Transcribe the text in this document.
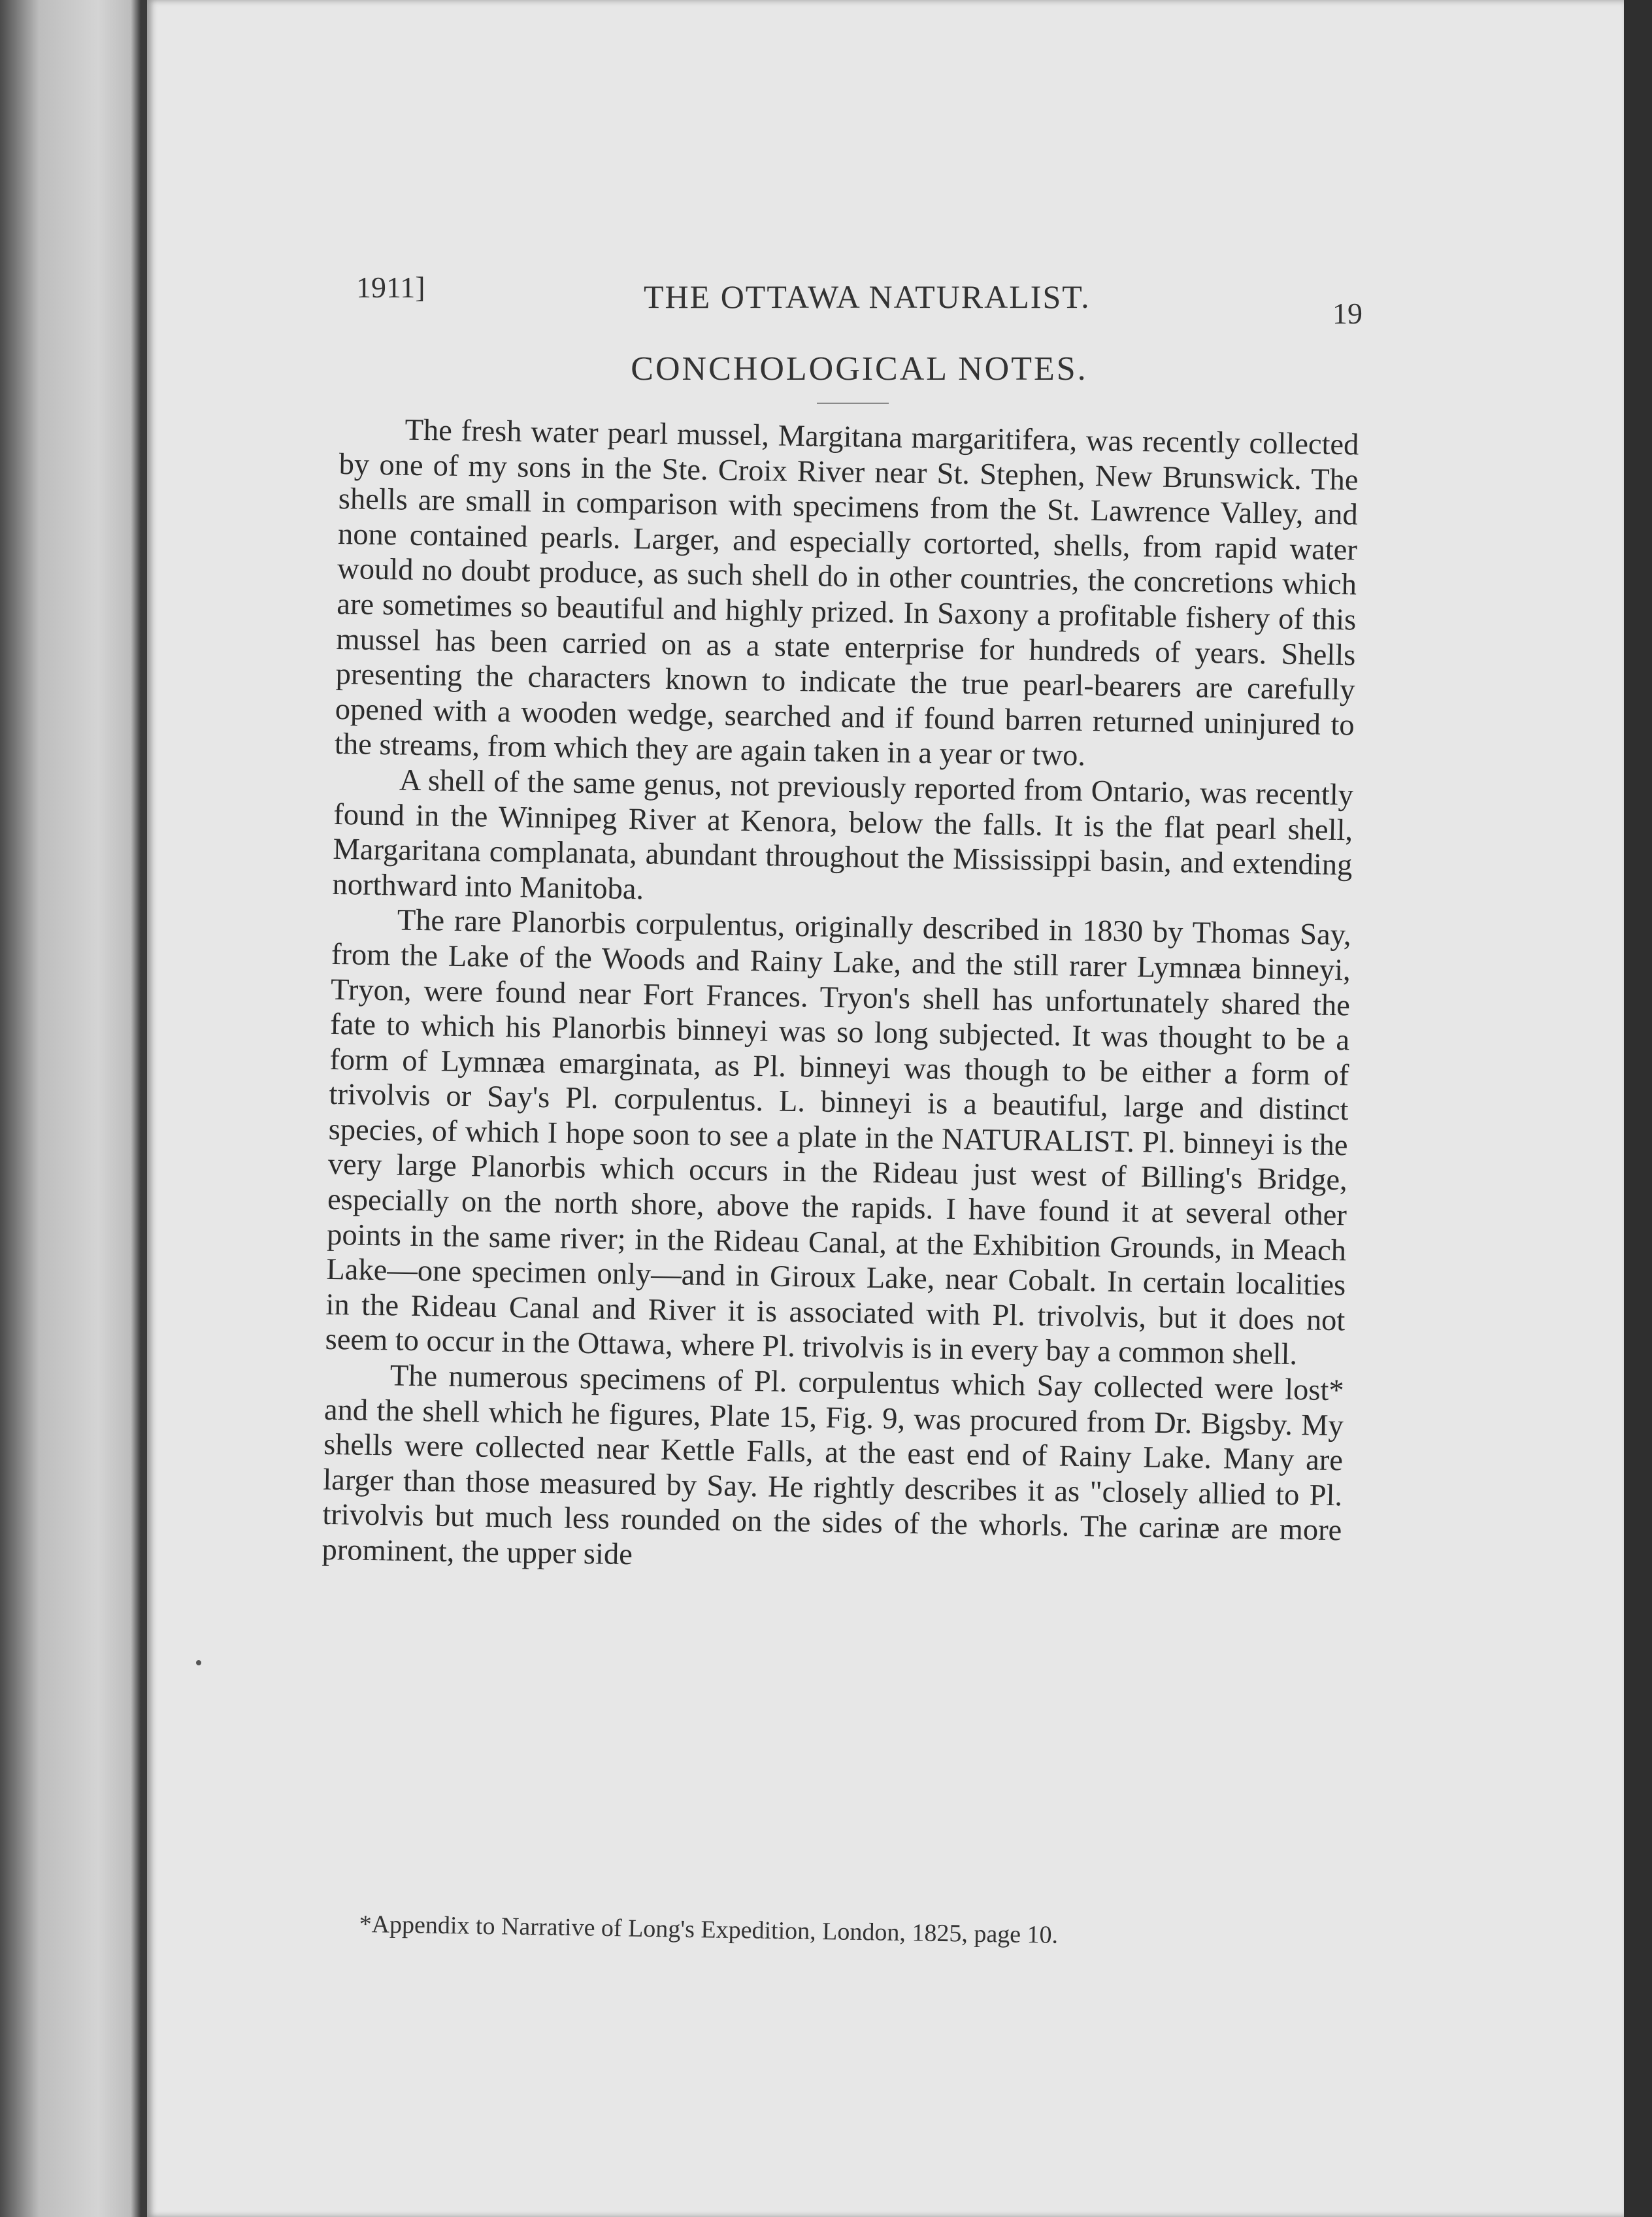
1911]	THE OTTAWA NATURALIST.	19
CONCHOLOGICAL NOTES.

The fresh water pearl mussel, Margitana margaritifera, was recently collected by one of my sons in the Ste. Croix River near St. Stephen, New Brunswick. The shells are small in comparison with specimens from the St. Lawrence Valley, and none contained pearls. Larger, and especially cortorted, shells, from rapid water would no doubt produce, as such shell do in other countries, the concretions which are sometimes so beautiful and highly prized. In Saxony a profitable fishery of this mussel has been carried on as a state enterprise for hundreds of years. Shells presenting the characters known to indicate the true pearl-bearers are carefully opened with a wooden wedge, searched and if found barren returned uninjured to the streams, from which they are again taken in a year or two.

A shell of the same genus, not previously reported from Ontario, was recently found in the Winnipeg River at Kenora, below the falls. It is the flat pearl shell, Margaritana complanata, abundant throughout the Mississippi basin, and extending northward into Manitoba.

The rare Planorbis corpulentus, originally described in 1830 by Thomas Say, from the Lake of the Woods and Rainy Lake, and the still rarer Lymnæa binneyi, Tryon, were found near Fort Frances. Tryon's shell has unfortunately shared the fate to which his Planorbis binneyi was so long subjected. It was thought to be a form of Lymnæa emarginata, as Pl. binneyi was though to be either a form of trivolvis or Say's Pl. corpulentus. L. binneyi is a beautiful, large and distinct species, of which I hope soon to see a plate in the NATURALIST. Pl. binneyi is the very large Planorbis which occurs in the Rideau just west of Billing's Bridge, especially on the north shore, above the rapids. I have found it at several other points in the same river; in the Rideau Canal, at the Exhibition Grounds, in Meach Lake—one specimen only—and in Giroux Lake, near Cobalt. In certain localities in the Rideau Canal and River it is associated with Pl. trivolvis, but it does not seem to occur in the Ottawa, where Pl. trivolvis is in every bay a common shell.

The numerous specimens of Pl. corpulentus which Say collected were lost* and the shell which he figures, Plate 15, Fig. 9, was procured from Dr. Bigsby. My shells were collected near Kettle Falls, at the east end of Rainy Lake. Many are larger than those measured by Say. He rightly describes it as "closely allied to Pl. trivolvis but much less rounded on the sides of the whorls. The carinæ are more prominent, the upper side

*Appendix to Narrative of Long's Expedition, London, 1825, page 10.
